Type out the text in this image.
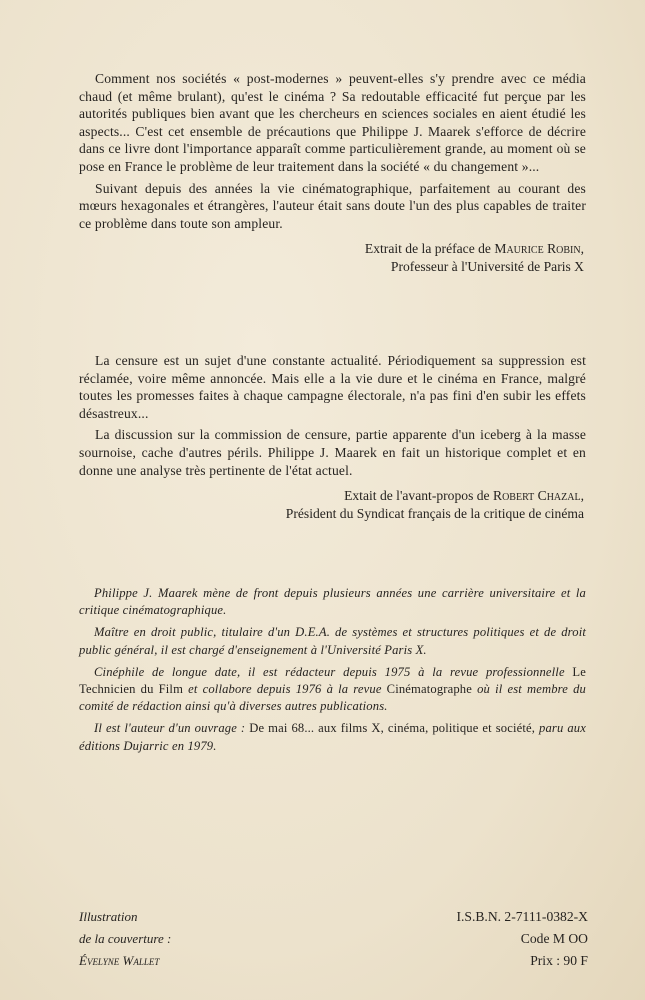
Comment nos sociétés « post-modernes » peuvent-elles s'y prendre avec ce média chaud (et même brulant), qu'est le cinéma ? Sa redoutable efficacité fut perçue par les autorités publiques bien avant que les chercheurs en sciences sociales en aient étudié les aspects... C'est cet ensemble de précautions que Philippe J. Maarek s'efforce de décrire dans ce livre dont l'importance apparaît comme particulièrement grande, au moment où se pose en France le problème de leur traitement dans la société « du changement »...

Suivant depuis des années la vie cinématographique, parfaitement au courant des mœurs hexagonales et étrangères, l'auteur était sans doute l'un des plus capables de traiter ce problème dans toute son ampleur.

Extrait de la préface de Maurice Robin,
Professeur à l'Université de Paris X

La censure est un sujet d'une constante actualité. Périodiquement sa suppression est réclamée, voire même annoncée. Mais elle a la vie dure et le cinéma en France, malgré toutes les promesses faites à chaque campagne électorale, n'a pas fini d'en subir les effets désastreux...

La discussion sur la commission de censure, partie apparente d'un iceberg à la masse sournoise, cache d'autres périls. Philippe J. Maarek en fait un historique complet et en donne une analyse très pertinente de l'état actuel.

Extait de l'avant-propos de Robert Chazal,
Président du Syndicat français de la critique de cinéma

Philippe J. Maarek mène de front depuis plusieurs années une carrière universitaire et la critique cinématographique.

Maître en droit public, titulaire d'un D.E.A. de systèmes et structures politiques et de droit public général, il est chargé d'enseignement à l'Université Paris X.

Cinéphile de longue date, il est rédacteur depuis 1975 à la revue professionnelle Le Technicien du Film et collabore depuis 1976 à la revue Cinématographe où il est membre du comité de rédaction ainsi qu'à diverses autres publications.

Il est l'auteur d'un ouvrage : De mai 68... aux films X, cinéma, politique et société, paru aux éditions Dujarric en 1979.

Illustration
de la couverture :
Évelyne Wallet
I.S.B.N. 2-7111-0382-X
Code M OO
Prix : 90 F
